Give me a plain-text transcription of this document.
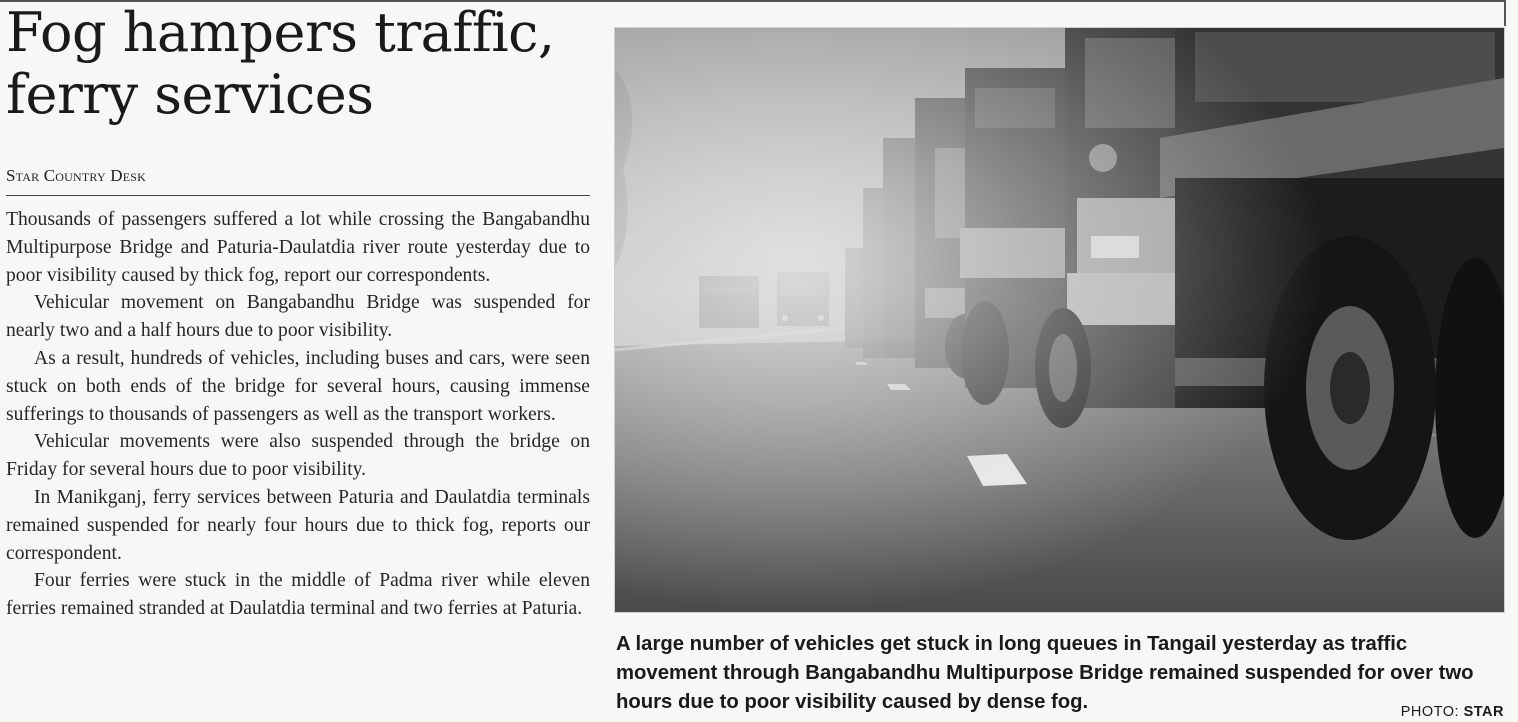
Fog hampers traffic,
ferry services
Star Country Desk

Thousands of passengers suffered a lot while crossing the Bangabandhu Multipurpose Bridge and Paturia-Daulatdia river route yesterday due to poor visibility caused by thick fog, report our correspondents.

Vehicular movement on Bangabandhu Bridge was suspended for nearly two and a half hours due to poor visibility.

As a result, hundreds of vehicles, including buses and cars, were seen stuck on both ends of the bridge for several hours, causing immense sufferings to thousands of passengers as well as the transport workers.

Vehicular movements were also suspended through the bridge on Friday for several hours due to poor visibility.

In Manikganj, ferry services between Paturia and Daulatdia terminals remained suspended for nearly four hours due to thick fog, reports our correspondent.

Four ferries were stuck in the middle of Padma river while eleven ferries remained stranded at Daulatdia terminal and two ferries at Paturia.

A large number of vehicles get stuck in long queues in Tangail yesterday as traffic movement through Bangabandhu Multipurpose Bridge remained suspended for over two hours due to poor visibility caused by dense fog.	PHOTO: STAR
